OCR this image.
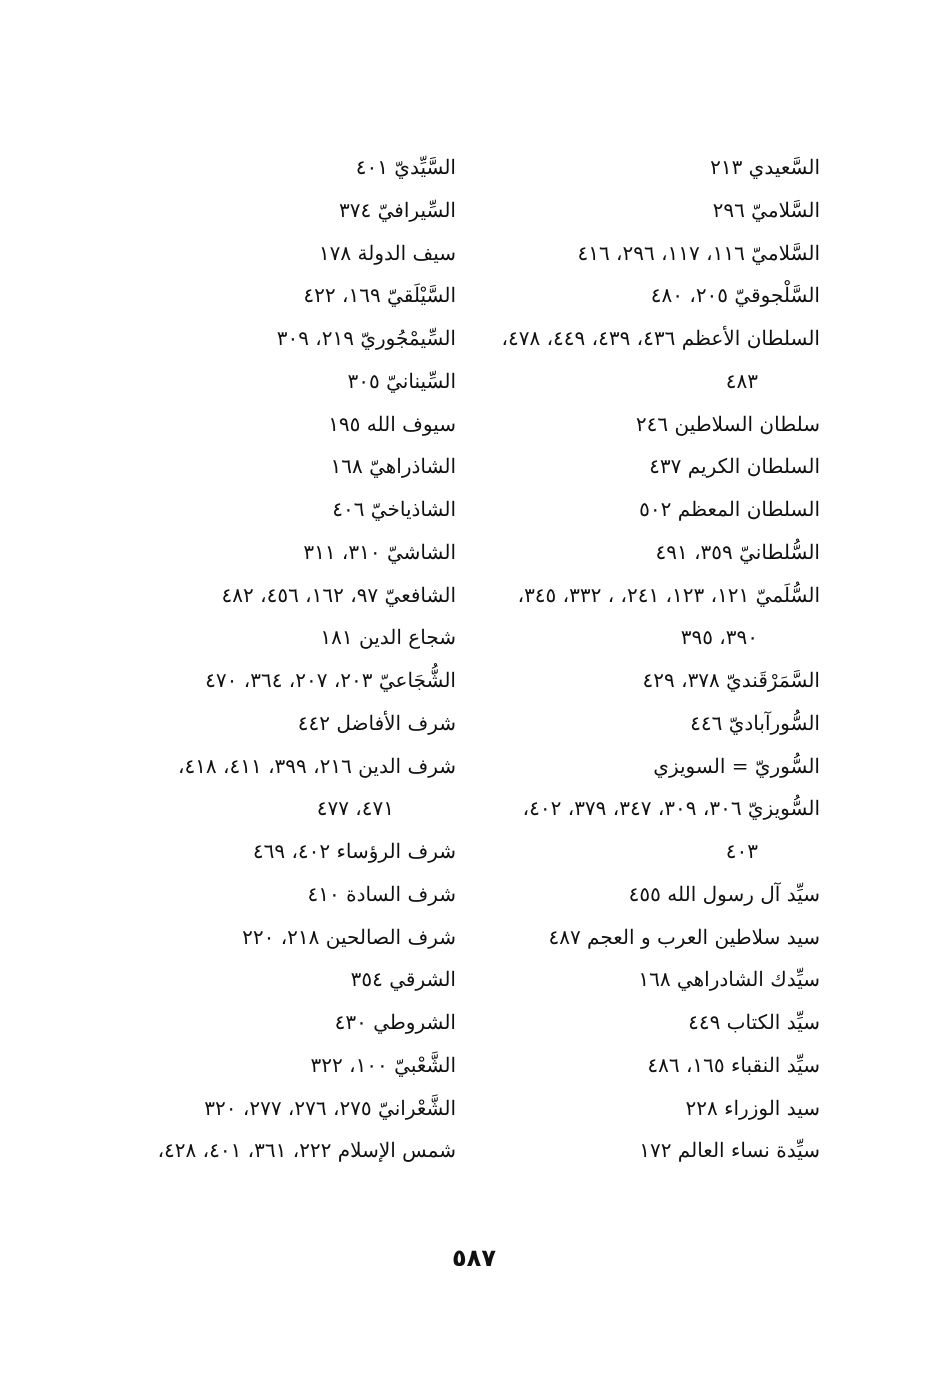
السَّعيدي ٢١٣
السَّلاميّ ٢٩٦
السَّلاميّ ١١٦، ١١٧، ٢٩٦، ٤١٦
السَّلْجوقيّ ٢٠٥، ٤٨٠
السلطان الأعظم ٤٣٦، ٤٣٩، ٤٤٩، ٤٧٨،
٤٨٣
سلطان السلاطين ٢٤٦
السلطان الكريم ٤٣٧
السلطان المعظم ٥٠٢
السُّلطانيّ ٣٥٩، ٤٩١
السُّلَميّ ١٢١، ١٢٣، ٢٤١، ، ٣٣٢، ٣٤٥،
٣٩٠، ٣٩٥
السَّمَرْقَنديّ ٣٧٨، ٤٢٩
السُّورآباديّ ٤٤٦
السُّوريّ = السويزي
السُّويزيّ ٣٠٦، ٣٠٩، ٣٤٧، ٣٧٩، ٤٠٢،
٤٠٣
سيِّد آل رسول الله ٤٥٥
سيد سلاطين العرب و العجم ٤٨٧
سيِّدك الشادراهي ١٦٨
سيِّد الكتاب ٤٤٩
سيِّد النقباء ١٦٥، ٤٨٦
سيد الوزراء ٢٢٨
سيِّدة نساء العالم ١٧٢
السَّيِّديّ ٤٠١
السِّيرافيّ ٣٧٤
سيف الدولة ١٧٨
السَّيْلَقيّ ١٦٩، ٤٢٢
السِّيمْجُوريّ ٢١٩، ٣٠٩
السِّينانيّ ٣٠٥
سيوف الله ١٩٥
الشاذراهيّ ١٦٨
الشاذياخيّ ٤٠٦
الشاشيّ ٣١٠، ٣١١
الشافعيّ ٩٧، ١٦٢، ٤٥٦، ٤٨٢
شجاع الدين ١٨١
الشُّجَاعيّ ٢٠٣، ٢٠٧، ٣٦٤، ٤٧٠
شرف الأفاضل ٤٤٢
شرف الدين ٢١٦، ٣٩٩، ٤١١، ٤١٨،
٤٧١، ٤٧٧
شرف الرؤساء ٤٠٢، ٤٦٩
شرف السادة ٤١٠
شرف الصالحين ٢١٨، ٢٢٠
الشرقي ٣٥٤
الشروطي ٤٣٠
الشَّعْبيّ ١٠٠، ٣٢٢
الشَّعْرانيّ ٢٧٥، ٢٧٦، ٢٧٧، ٣٢٠
شمس الإسلام ٢٢٢، ٣٦١، ٤٠١، ٤٢٨،
٥٨٧
